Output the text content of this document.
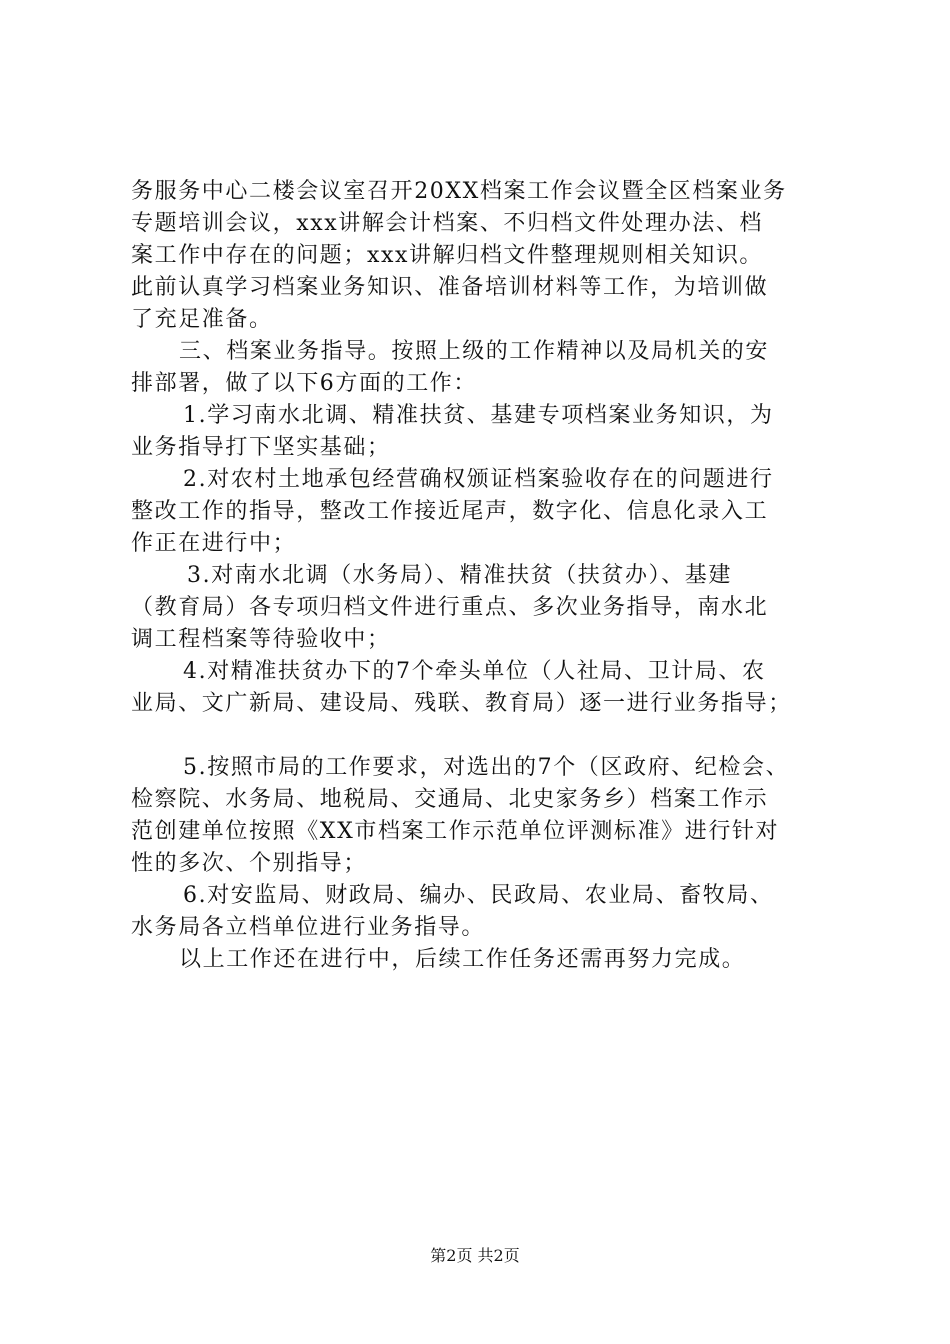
务服务中心二楼会议室召开20XX档案工作会议暨全区档案业务
专题培训会议，xxx讲解会计档案、不归档文件处理办法、档
案工作中存在的问题；xxx讲解归档文件整理规则相关知识。
此前认真学习档案业务知识、准备培训材料等工作，为培训做
了充足准备。
三、档案业务指导。按照上级的工作精神以及局机关的安
排部署，做了以下6方面的工作：
1.学习南水北调、精准扶贫、基建专项档案业务知识，为
业务指导打下坚实基础；
2.对农村土地承包经营确权颁证档案验收存在的问题进行
整改工作的指导，整改工作接近尾声，数字化、信息化录入工
作正在进行中；
3.对南水北调（水务局）、精准扶贫（扶贫办）、基建
（教育局）各专项归档文件进行重点、多次业务指导，南水北
调工程档案等待验收中；
4.对精准扶贫办下的7个牵头单位（人社局、卫计局、农
业局、文广新局、建设局、残联、教育局）逐一进行业务指导；
5.按照市局的工作要求，对选出的7个（区政府、纪检会、
检察院、水务局、地税局、交通局、北史家务乡）档案工作示
范创建单位按照《XX市档案工作示范单位评测标准》进行针对
性的多次、个别指导；
6.对安监局、财政局、编办、民政局、农业局、畜牧局、
水务局各立档单位进行业务指导。
以上工作还在进行中，后续工作任务还需再努力完成。
第2页 共2页
